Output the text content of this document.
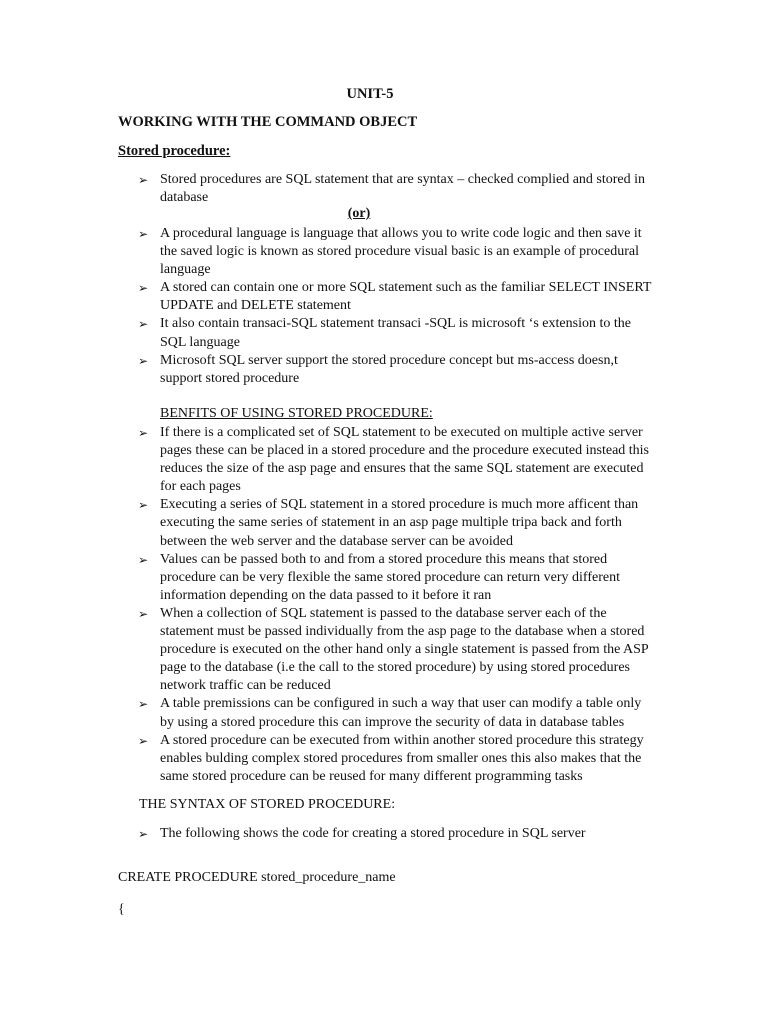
UNIT-5
WORKING WITH THE COMMAND OBJECT
Stored procedure:
➢ Stored procedures are SQL statement that are syntax – checked complied and stored in database
(or)
➢ A procedural language is language that allows you to write code logic and then save it the saved logic is known as stored procedure visual basic is an example of procedural language
➢ A stored can contain one or more SQL statement such as the familiar SELECT INSERT UPDATE and DELETE statement
➢ It also contain transaci-SQL statement transaci -SQL is microsoft ‘s extension to the SQL language
➢ Microsoft SQL server support the stored procedure concept but ms-access doesn,t support stored procedure
BENFITS OF USING STORED PROCEDURE:
➢ If there is a complicated set of SQL statement to be executed on multiple active server pages these can be placed in a stored procedure and the procedure executed instead this reduces the size of the asp page and ensures that the same SQL statement are executed for each pages
➢ Executing a series of SQL statement in a stored procedure is much more afficent than executing the same series of statement in an asp page multiple tripa back and forth between the web server and the database server can be avoided
➢ Values can be passed both to and from a stored procedure this means that stored procedure can be very flexible the same stored procedure can return very different information depending on the data passed to it before it ran
➢ When a collection of SQL statement is passed to the database server each of the statement must be passed individually from the asp page to the database when a stored procedure is executed on the other hand only a single statement is passed from the ASP page to the database (i.e the call to the stored procedure) by using stored procedures network traffic can be reduced
➢ A table premissions can be configured in such a way that user can modify a table only by using a stored procedure this can improve the security of data in database tables
➢ A stored procedure can be executed from within another stored procedure this strategy enables bulding complex stored procedures from smaller ones this also makes that the same stored procedure can be reused for many different programming tasks
THE SYNTAX OF STORED PROCEDURE:
➢ The following shows the code for creating a stored procedure in SQL server
CREATE PROCEDURE stored_procedure_name
{
